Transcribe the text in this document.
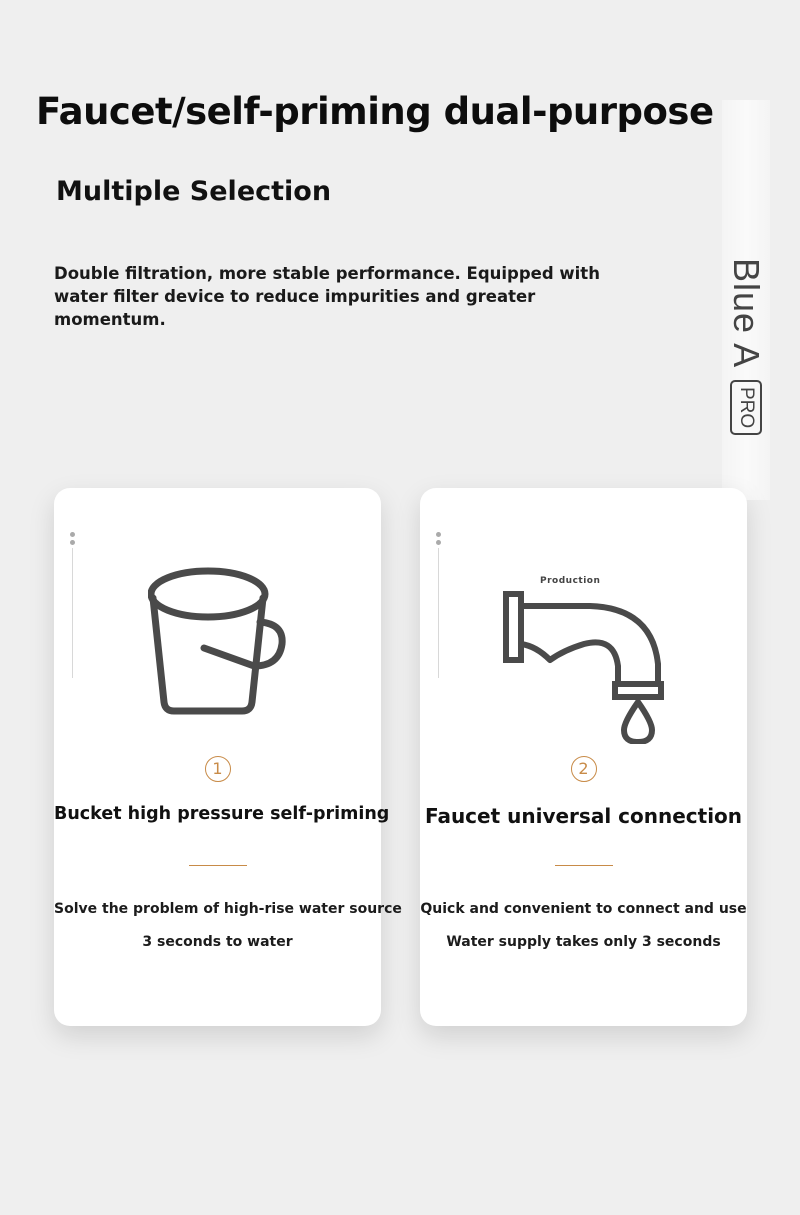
Faucet/self-priming dual-purpose
Multiple Selection

Double filtration, more stable performance. Equipped with water filter device to reduce impurities and greater momentum.	Blue A
PRO
1
Bucket high pressure self-priming
Solve the problem of high-rise water source
3 seconds to water
Production
2
Faucet universal connection
Quick and convenient to connect and use
Water supply takes only 3 seconds
